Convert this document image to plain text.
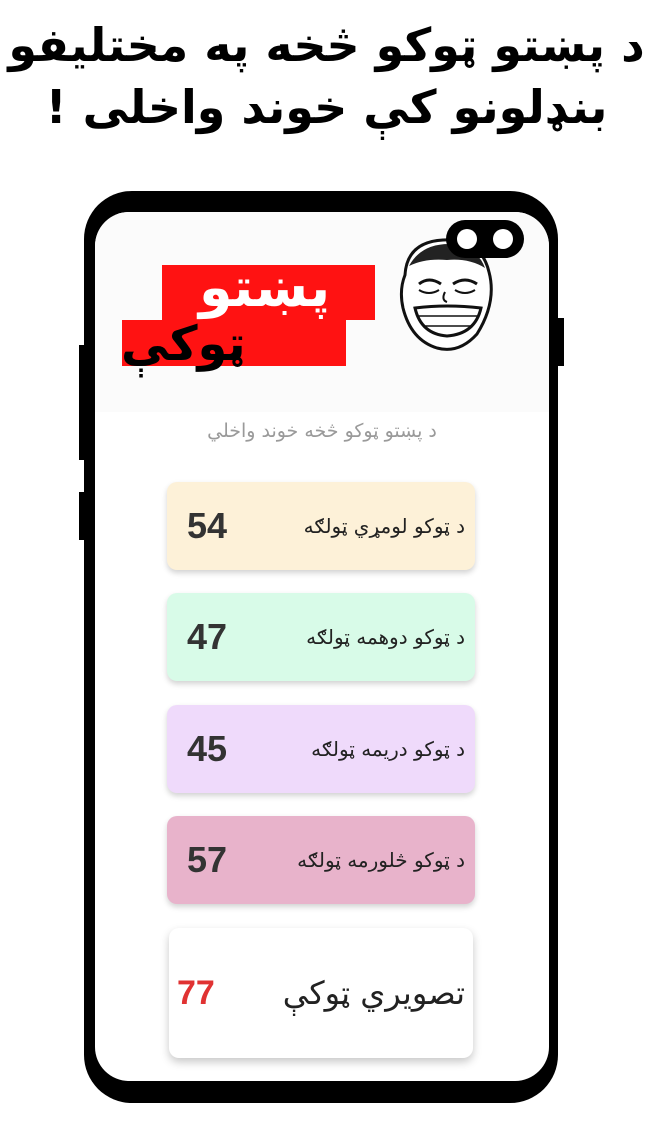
د پښتو ټوکو څخه په مختلیفو
بنډلونو کې خوند واخلی !
پښتو
ټوکې
د پښتو ټوکو څخه خوند واخلي
د ټوکو لومړي ټولګه
54
د ټوکو دوهمه ټولګه
47
د ټوکو دریمه ټولګه
45
د ټوکو څلورمه ټولګه
57
تصویري ټوکې
77
